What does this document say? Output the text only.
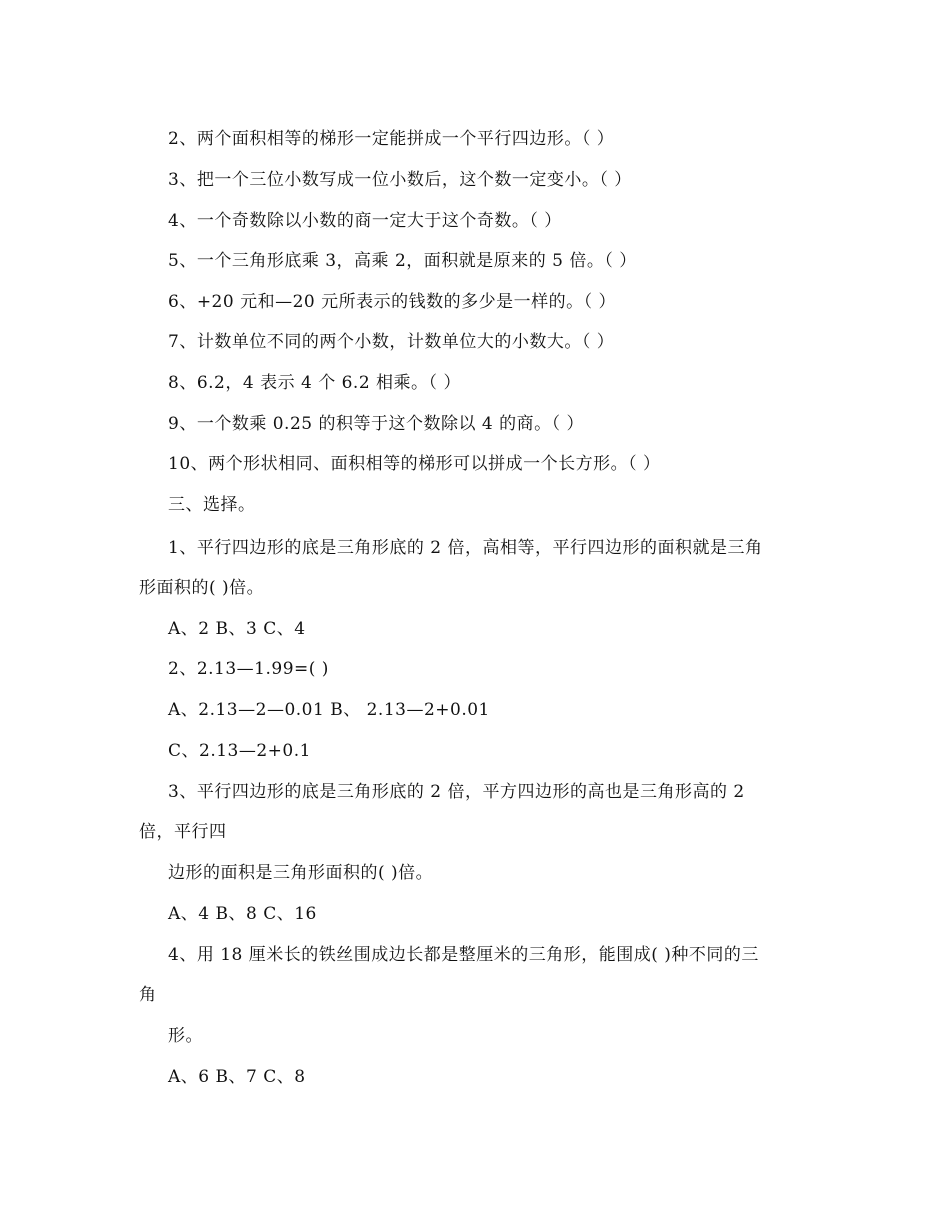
2、两个面积相等的梯形一定能拼成一个平行四边形。（ ）
3、把一个三位小数写成一位小数后，这个数一定变小。（ ）
4、一个奇数除以小数的商一定大于这个奇数。（ ）
5、一个三角形底乘 3，高乘 2，面积就是原来的 5 倍。（ ）
6、+20 元和—20 元所表示的钱数的多少是一样的。（ ）
7、计数单位不同的两个小数，计数单位大的小数大。（ ）
8、6.2，4 表示 4 个 6.2 相乘。（ ）
9、一个数乘 0.25 的积等于这个数除以 4 的商。（ ）
10、两个形状相同、面积相等的梯形可以拼成一个长方形。（ ）
三、选择。
1、平行四边形的底是三角形底的 2 倍，高相等，平行四边形的面积就是三角
形面积的( )倍。
A、2 B、3 C、4
2、2.13—1.99=( )
A、2.13—2—0.01 B、 2.13—2+0.01
C、2.13—2+0.1
3、平行四边形的底是三角形底的 2 倍，平方四边形的高也是三角形高的 2
倍，平行四
边形的面积是三角形面积的( )倍。
A、4 B、8 C、16
4、用 18 厘米长的铁丝围成边长都是整厘米的三角形，能围成( )种不同的三
角
形。
A、6 B、7 C、8
